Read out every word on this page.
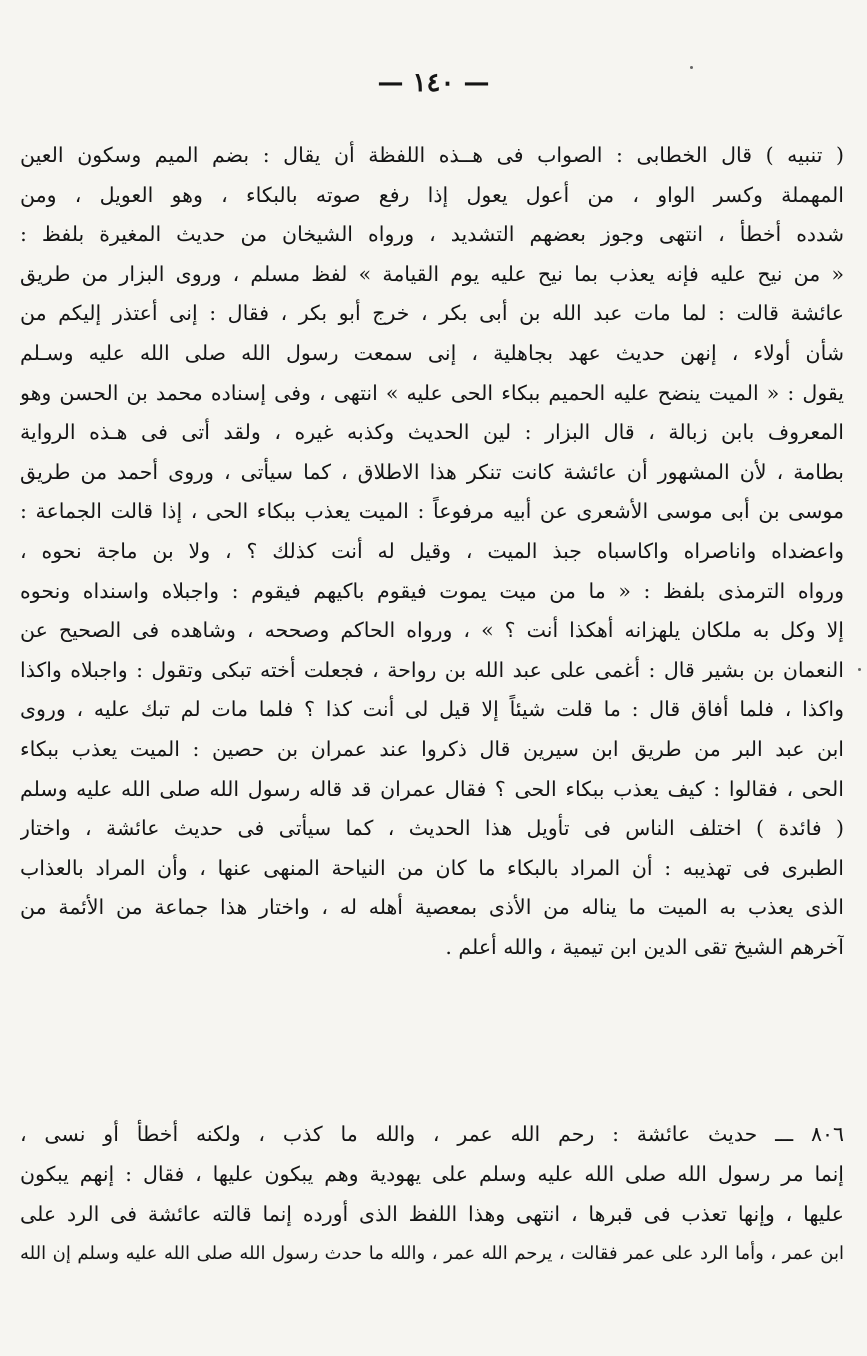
— ١٤٠ —
( تنبيه ) قال الخطابى : الصواب فى هــذه اللفظة أن يقال : بضم الميم وسكون العين
المهملة وكسر الواو ، من أعول يعول إذا رفع صوته بالبكاء ، وهو العويل ، ومن
شدده أخطأ ، انتهى وجوز بعضهم التشديد ، ورواه الشيخان من حديث المغيرة بلفظ :
« من نيح عليه فإنه يعذب بما نيح عليه يوم القيامة » لفظ مسلم ، وروى البزار من طريق
عائشة قالت : لما مات عبد الله بن أبى بكر ، خرج أبو بكر ، فقال : إنى أعتذر إليكم من
شأن أولاء ، إنهن حديث عهد بجاهلية ، إنى سمعت رسول الله صلى الله عليه وسـلم
يقول : « الميت ينضح عليه الحميم ببكاء الحى عليه » انتهى ، وفى إسناده محمد بن الحسن وهو
المعروف بابن زبالة ، قال البزار : لين الحديث وكذبه غيره ، ولقد أتى فى هـذه الرواية
بطامة ، لأن المشهور أن عائشة كانت تنكر هذا الاطلاق ، كما سيأتى ، وروى أحمد من طريق
موسى بن أبى موسى الأشعرى عن أبيه مرفوعاً : الميت يعذب ببكاء الحى ، إذا قالت الجماعة :
واعضداه واناصراه واكاسباه جبذ الميت ، وقيل له أنت كذلك ؟ ، ولا بن ماجة نحوه ،
ورواه الترمذى بلفظ : « ما من ميت يموت فيقوم باكيهم فيقوم : واجبلاه واسنداه ونحوه
إلا وكل به ملكان يلهزانه أهكذا أنت ؟ » ، ورواه الحاكم وصححه ، وشاهده فى الصحيح عن
النعمان بن بشير قال : أغمى على عبد الله بن رواحة ، فجعلت أخته تبكى وتقول : واجبلاه واكذا
واكذا ، فلما أفاق قال : ما قلت شيئاً إلا قيل لى أنت كذا ؟ فلما مات لم تبك عليه ، وروى
ابن عبد البر من طريق ابن سيرين قال ذكروا عند عمران بن حصين : الميت يعذب ببكاء
الحى ، فقالوا : كيف يعذب ببكاء الحى ؟ فقال عمران قد قاله رسول الله صلى الله عليه وسلم
( فائدة ) اختلف الناس فى تأويل هذا الحديث ، كما سيأتى فى حديث عائشة ، واختار
الطبرى فى تهذيبه : أن المراد بالبكاء ما كان من النياحة المنهى عنها ، وأن المراد بالعذاب
الذى يعذب به الميت ما يناله من الأذى بمعصية أهله له ، واختار هذا جماعة من الأئمة من
آخرهم الشيخ تقى الدين ابن تيمية ، والله أعلم .
٨٠٦ ـــ حديث عائشة : رحم الله عمر ، والله ما كذب ، ولكنه أخطأ أو نسى ،
إنما مر رسول الله صلى الله عليه وسلم على يهودية وهم يبكون عليها ، فقال : إنهم يبكون
عليها ، وإنها تعذب فى قبرها ، انتهى وهذا اللفظ الذى أورده إنما قالته عائشة فى الرد على
ابن عمر ، وأما الرد على عمر فقالت ، يرحم الله عمر ، والله ما حدث رسول الله صلى الله عليه وسلم إن الله
